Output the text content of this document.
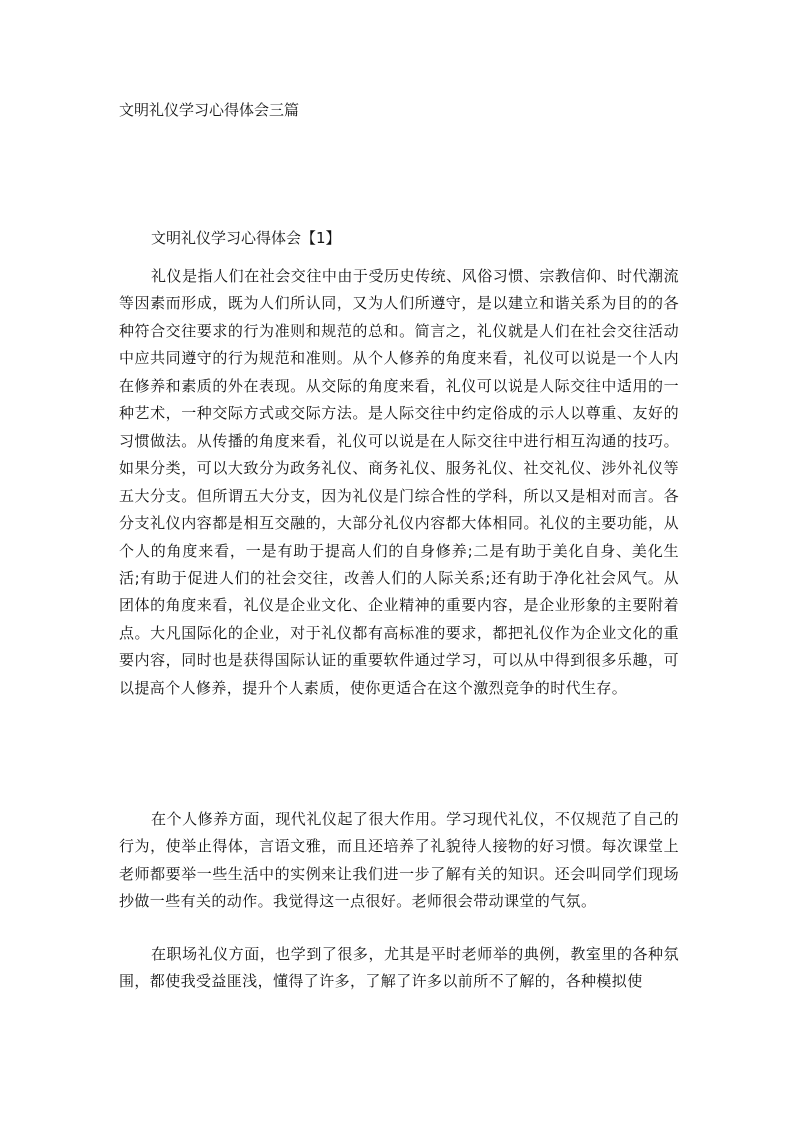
文明礼仪学习心得体会三篇
文明礼仪学习心得体会【1】

礼仪是指人们在社会交往中由于受历史传统、风俗习惯、宗教信仰、时代潮流等因素而形成，既为人们所认同，又为人们所遵守，是以建立和谐关系为目的的各种符合交往要求的行为准则和规范的总和。简言之，礼仪就是人们在社会交往活动中应共同遵守的行为规范和准则。从个人修养的角度来看，礼仪可以说是一个人内在修养和素质的外在表现。从交际的角度来看，礼仪可以说是人际交往中适用的一种艺术，一种交际方式或交际方法。是人际交往中约定俗成的示人以尊重、友好的习惯做法。从传播的角度来看，礼仪可以说是在人际交往中进行相互沟通的技巧。如果分类，可以大致分为政务礼仪、商务礼仪、服务礼仪、社交礼仪、涉外礼仪等五大分支。但所谓五大分支，因为礼仪是门综合性的学科，所以又是相对而言。各分支礼仪内容都是相互交融的，大部分礼仪内容都大体相同。礼仪的主要功能，从个人的角度来看，一是有助于提高人们的自身修养;二是有助于美化自身、美化生活;有助于促进人们的社会交往，改善人们的人际关系;还有助于净化社会风气。从团体的角度来看，礼仪是企业文化、企业精神的重要内容，是企业形象的主要附着点。大凡国际化的企业，对于礼仪都有高标准的要求，都把礼仪作为企业文化的重要内容，同时也是获得国际认证的重要软件通过学习，可以从中得到很多乐趣，可以提高个人修养，提升个人素质，使你更适合在这个激烈竞争的时代生存。

在个人修养方面，现代礼仪起了很大作用。学习现代礼仪，不仅规范了自己的行为，使举止得体，言语文雅，而且还培养了礼貌待人接物的好习惯。每次课堂上老师都要举一些生活中的实例来让我们进一步了解有关的知识。还会叫同学们现场抄做一些有关的动作。我觉得这一点很好。老师很会带动课堂的气氛。

在职场礼仪方面，也学到了很多，尤其是平时老师举的典例，教室里的各种氛围，都使我受益匪浅，懂得了许多，了解了许多以前所不了解的，各种模拟使
